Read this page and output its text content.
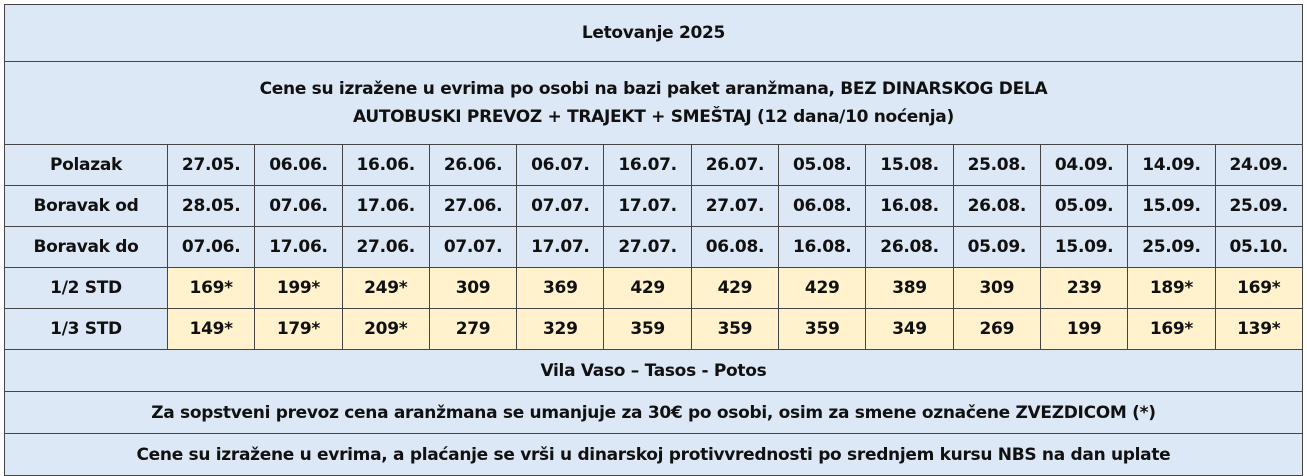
Letovanje 2025													
Cene su izražene u evrima po osobi na bazi paket aranžmana, BEZ DINARSKOG DELA
AUTOBUSKI PREVOZ + TRAJEKT + SMEŠTAJ (12 dana/10 noćenja)													
Polazak	27.05.	06.06.	16.06.	26.06.	06.07.	16.07.	26.07.	05.08.	15.08.	25.08.	04.09.	14.09.	24.09.
Boravak od	28.05.	07.06.	17.06.	27.06.	07.07.	17.07.	27.07.	06.08.	16.08.	26.08.	05.09.	15.09.	25.09.
Boravak do	07.06.	17.06.	27.06.	07.07.	17.07.	27.07.	06.08.	16.08.	26.08.	05.09.	15.09.	25.09.	05.10.
1/2 STD	169*	199*	249*	309	369	429	429	429	389	309	239	189*	169*
1/3 STD	149*	179*	209*	279	329	359	359	359	349	269	199	169*	139*
Vila Vaso – Tasos - Potos													
Za sopstveni prevoz cena aranžmana se umanjuje za 30€ po osobi, osim za smene označene ZVEZDICOM (*)													
Cene su izražene u evrima, a plaćanje se vrši u dinarskoj protivvrednosti po srednjem kursu NBS na dan uplate													
